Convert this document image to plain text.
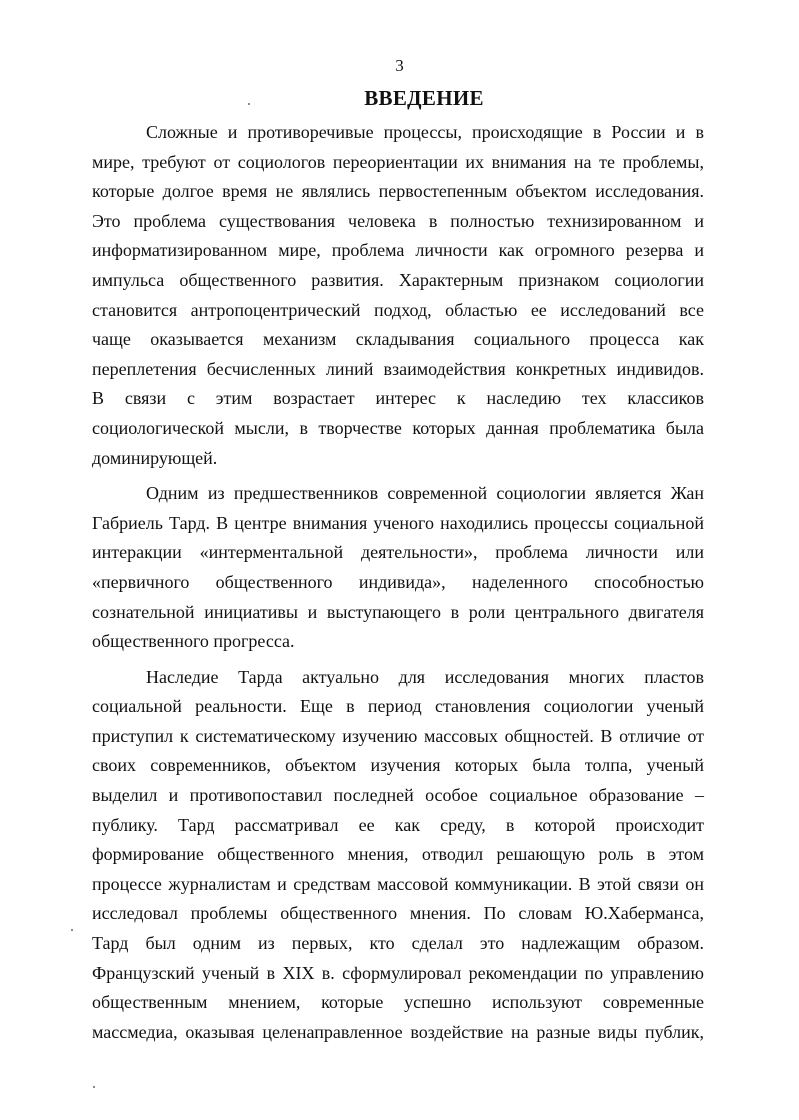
3
ВВЕДЕНИЕ

Сложные и противоречивые процессы, происходящие в России и в
мире, требуют от социологов переориентации их внимания на те проблемы,
которые долгое время не являлись первостепенным объектом исследования.
Это проблема существования человека в полностью технизированном и
информатизированном мире, проблема личности как огромного резерва и
импульса общественного развития. Характерным признаком социологии
становится антропоцентрический подход, областью ее исследований все
чаще оказывается механизм складывания социального процесса как
переплетения бесчисленных линий взаимодействия конкретных индивидов.
В связи с этим возрастает интерес к наследию тех классиков
социологической мысли, в творчестве которых данная проблематика была
доминирующей.

Одним из предшественников современной социологии является Жан
Габриель Тард. В центре внимания ученого находились процессы социальной
интеракции «интерментальной деятельности», проблема личности или
«первичного общественного индивида», наделенного способностью
сознательной инициативы и выступающего в роли центрального двигателя
общественного прогресса.

Наследие Тарда актуально для исследования многих пластов
социальной реальности. Еще в период становления социологии ученый
приступил к систематическому изучению массовых общностей. В отличие от
своих современников, объектом изучения которых была толпа, ученый
выделил и противопоставил последней особое социальное образование –
публику. Тард рассматривал ее как среду, в которой происходит
формирование общественного мнения, отводил решающую роль в этом
процессе журналистам и средствам массовой коммуникации. В этой связи он
исследовал проблемы общественного мнения. По словам Ю.Хаберманса,
Тард был одним из первых, кто сделал это надлежащим образом.
Французский ученый в XIX в. сформулировал рекомендации по управлению
общественным мнением, которые успешно используют современные
массмедиа, оказывая целенаправленное воздействие на разные виды публик,
